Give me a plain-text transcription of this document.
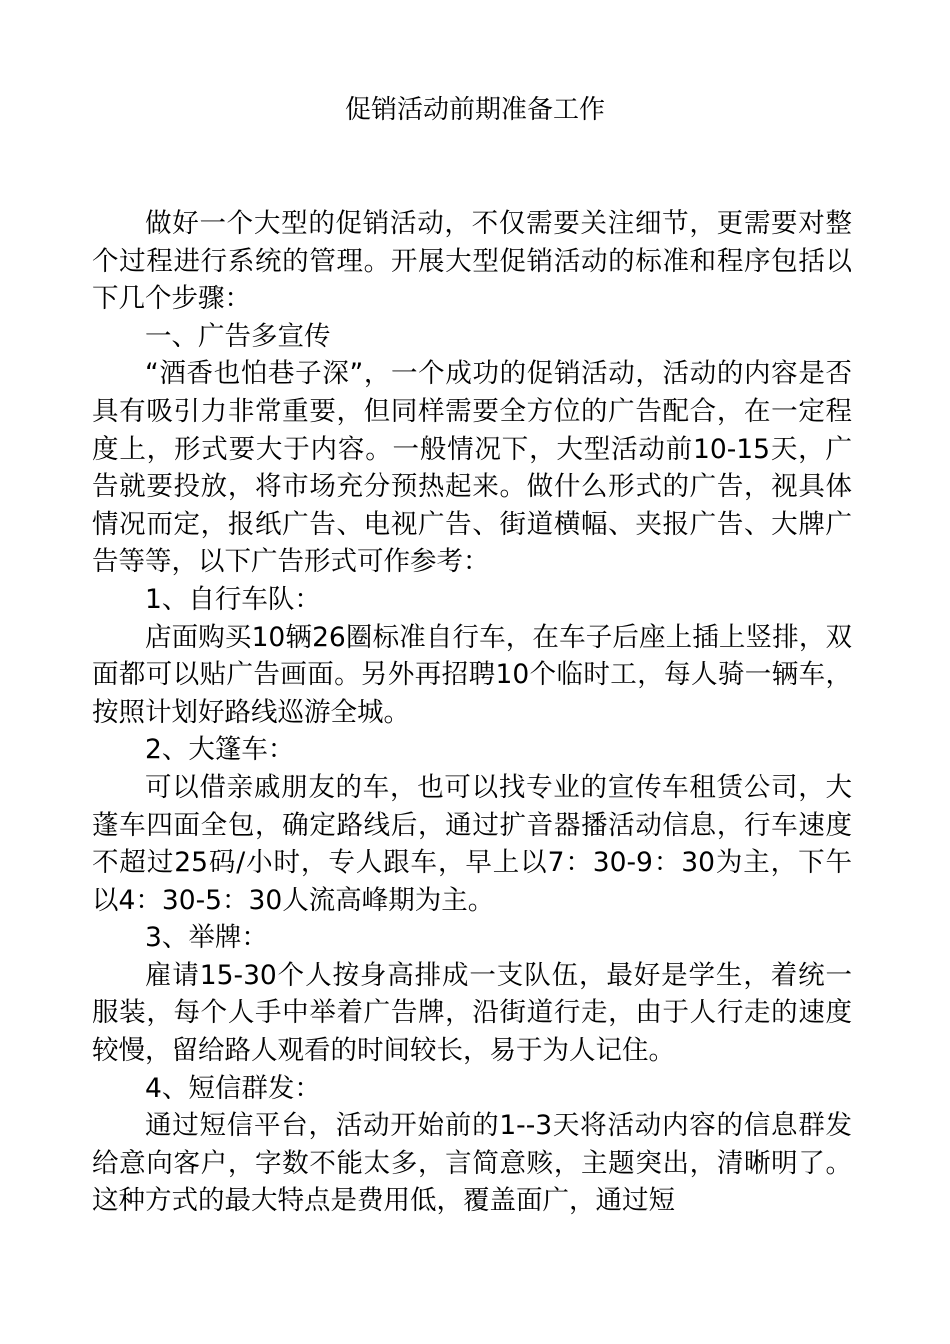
促销活动前期准备工作

做好一个大型的促销活动，不仅需要关注细节，更需要对整个过程进行系统的管理。开展大型促销活动的标准和程序包括以下几个步骤：

一、广告多宣传

“酒香也怕巷子深”，一个成功的促销活动，活动的内容是否具有吸引力非常重要，但同样需要全方位的广告配合，在一定程度上，形式要大于内容。一般情况下，大型活动前10-15天，广告就要投放，将市场充分预热起来。做什么形式的广告，视具体情况而定，报纸广告、电视广告、街道横幅、夹报广告、大牌广告等等，以下广告形式可作参考：

1、自行车队：

店面购买10辆26圈标准自行车，在车子后座上插上竖排，双面都可以贴广告画面。另外再招聘10个临时工，每人骑一辆车，按照计划好路线巡游全城。

2、大篷车：

可以借亲戚朋友的车，也可以找专业的宣传车租赁公司，大蓬车四面全包，确定路线后，通过扩音器播活动信息，行车速度不超过25码/小时，专人跟车，早上以7：30-9：30为主，下午以4：30-5：30人流高峰期为主。

3、举牌：

雇请15-30个人按身高排成一支队伍，最好是学生，着统一服装，每个人手中举着广告牌，沿街道行走，由于人行走的速度较慢，留给路人观看的时间较长，易于为人记住。

4、短信群发：

通过短信平台，活动开始前的1--3天将活动内容的信息群发给意向客户，字数不能太多，言简意赅，主题突出，清晰明了。这种方式的最大特点是费用低，覆盖面广，通过短
